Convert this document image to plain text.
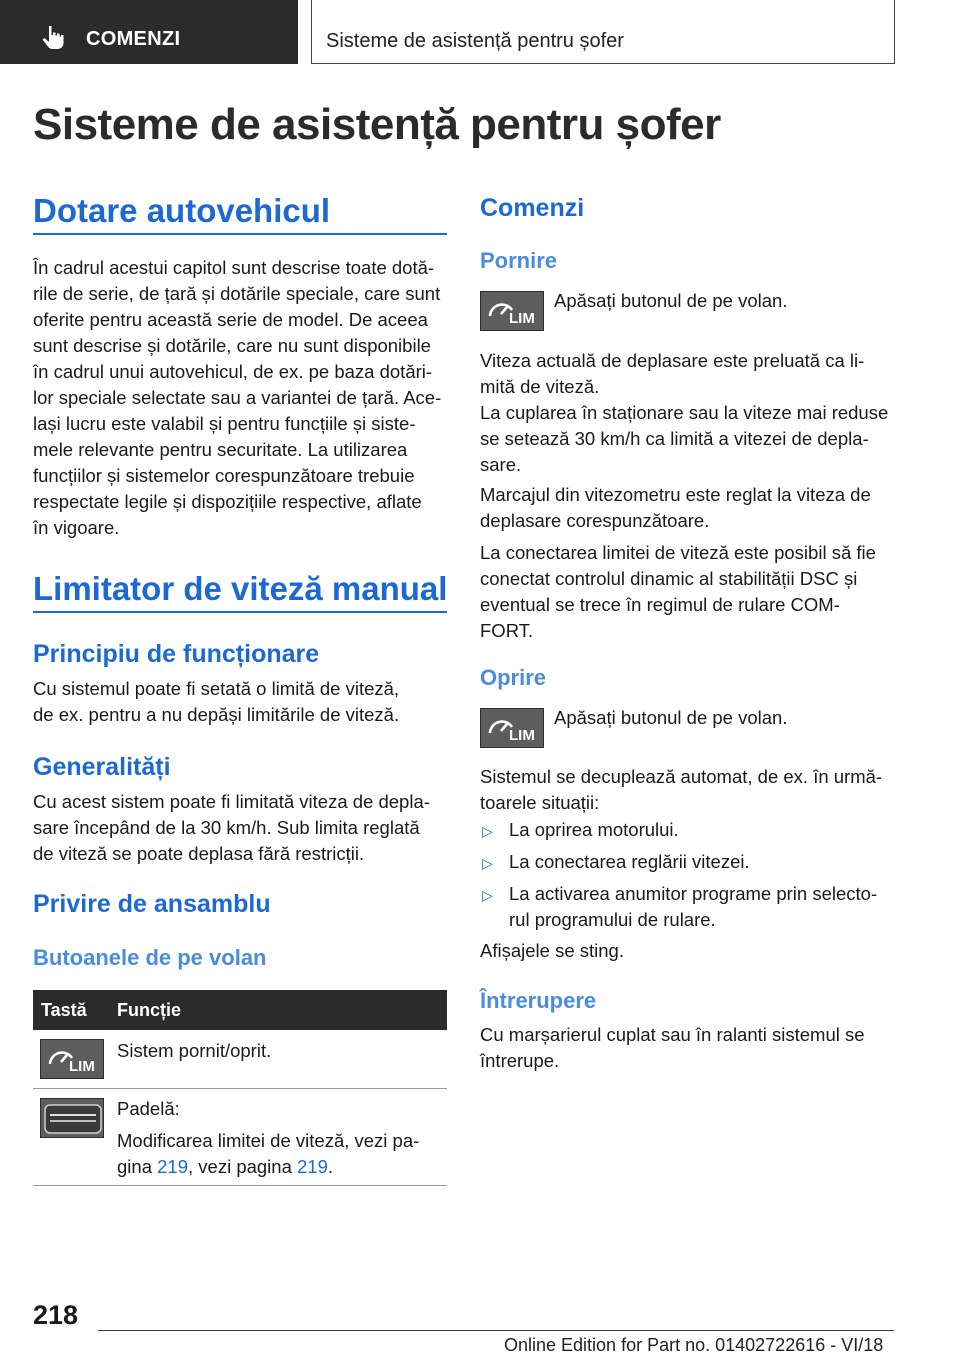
COMENZI	Sisteme de asistență pentru șofer
Sisteme de asistență pentru șofer
Dotare autovehicul
În cadrul acestui capitol sunt descrise toate dotă‐
rile de serie, de țară și dotările speciale, care sunt
oferite pentru această serie de model. De aceea
sunt descrise și dotările, care nu sunt disponibile
în cadrul unui autovehicul, de ex. pe baza dotări‐
lor speciale selectate sau a variantei de țară. Ace‐
lași lucru este valabil și pentru funcțiile și siste‐
mele relevante pentru securitate. La utilizarea
funcțiilor și sistemelor corespunzătoare trebuie
respectate legile și dispozițiile respective, aflate
în vigoare.
Limitator de viteză manual
Principiu de funcționare
Cu sistemul poate fi setată o limită de viteză,
de ex. pentru a nu depăși limitările de viteză.
Generalități
Cu acest sistem poate fi limitată viteza de depla‐
sare începând de la 30 km/h. Sub limita reglată
de viteză se poate deplasa fără restricții.
Privire de ansamblu
Butoanele de pe volan
Tastă Funcție
LIM
Sistem pornit/oprit.
Padelă:
Modificarea limitei de viteză, vezi pa‐
gina 219, vezi pagina 219.
Comenzi
Pornire
LIM
Apăsați butonul de pe volan.
Viteza actuală de deplasare este preluată ca li‐
mită de viteză.
La cuplarea în staționare sau la viteze mai reduse
se setează 30 km/h ca limită a vitezei de depla‐
sare.
Marcajul din vitezometru este reglat la viteza de
deplasare corespunzătoare.
La conectarea limitei de viteză este posibil să fie
conectat controlul dinamic al stabilității DSC și
eventual se trece în regimul de rulare COM‐
FORT.
Oprire
LIM
Apăsați butonul de pe volan.
Sistemul se decuplează automat, de ex. în urmă‐
toarele situații:
▷ La oprirea motorului.
▷ La conectarea reglării vitezei.
▷ La activarea anumitor programe prin selecto‐
rul programului de rulare.
Afișajele se sting.
Întrerupere
Cu marșarierul cuplat sau în ralanti sistemul se
întrerupe.
218
Online Edition for Part no. 01402722616 - VI/18
